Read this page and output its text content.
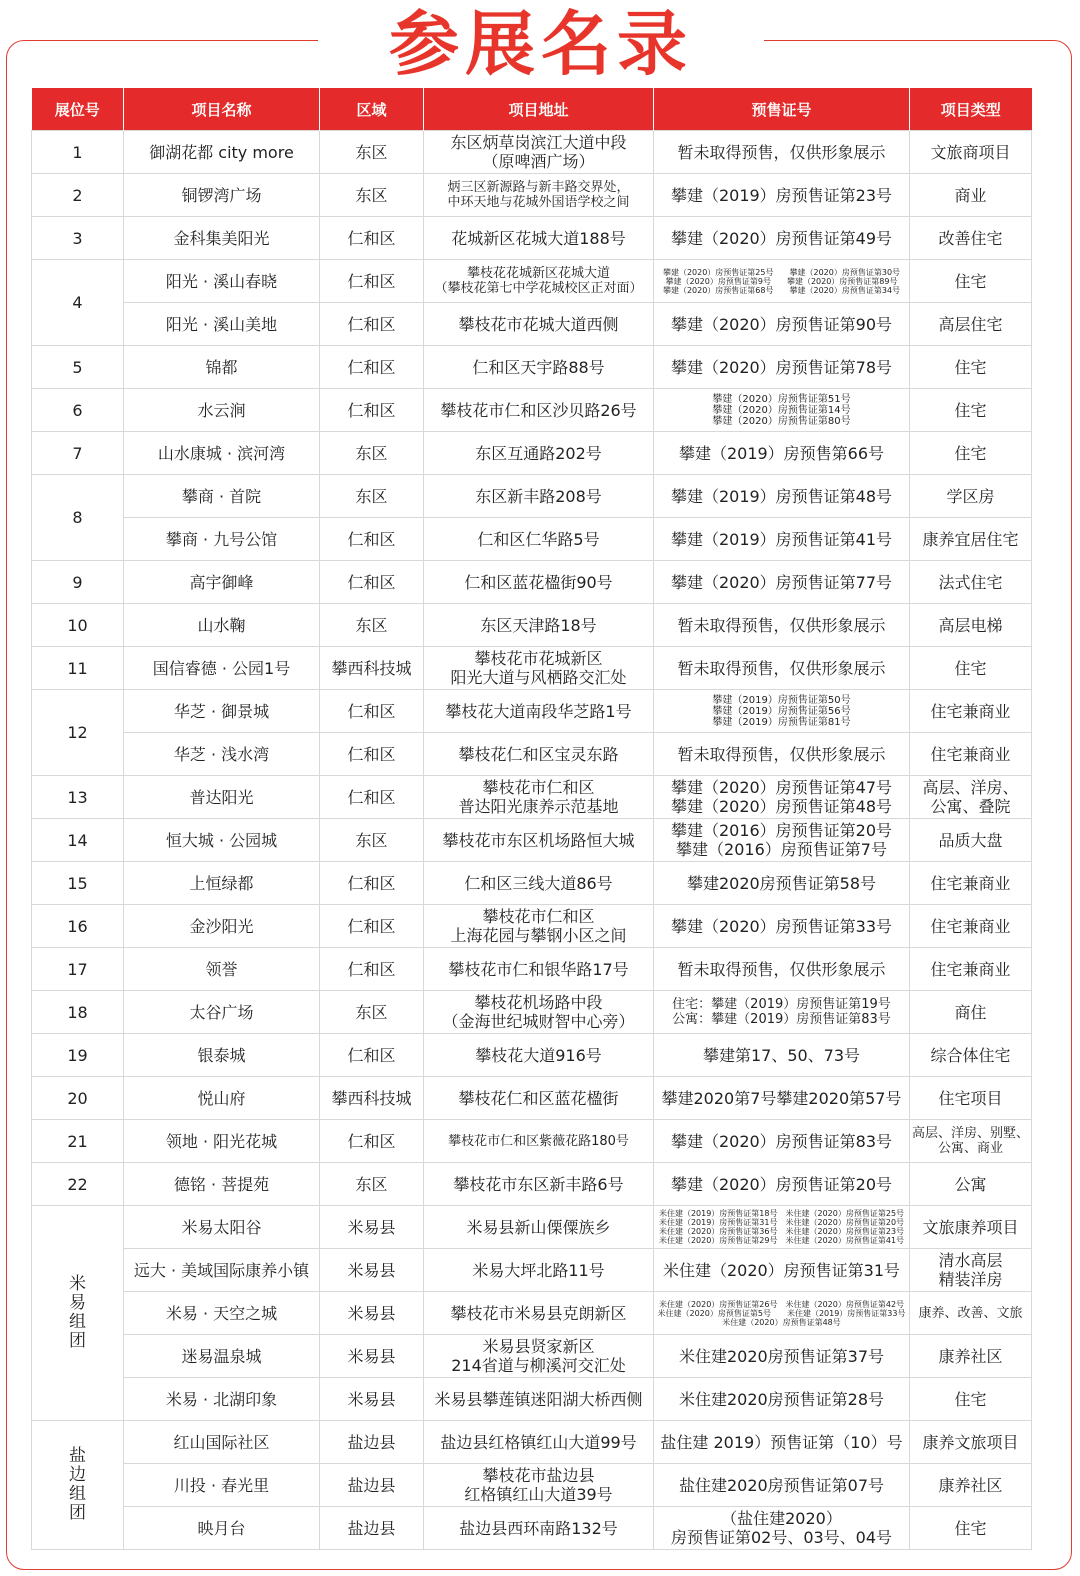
参展名录
展位号	项目名称	区域	项目地址	预售证号	项目类型
1	御湖花都 city more	东区	东区炳草岗滨江大道中段
（原啤酒广场）	暂未取得预售，仅供形象展示	文旅商项目

2	铜锣湾广场	东区	炳三区新源路与新丰路交界处，
中环天地与花城外国语学校之间	攀建（2019）房预售证第23号	商业

3	金科集美阳光	仁和区	花城新区花城大道188号	攀建（2020）房预售证第49号	改善住宅

4	阳光 · 溪山春晓	仁和区	攀枝花花城新区花城大道
（攀枝花第七中学花城校区正对面）	攀建（2020）房预售证第25号　　攀建（2020）房预售证第30号
攀建（2020）房预售证第9号　　攀建（2020）房预售证第89号
攀建（2020）房预售证第68号　　攀建（2020）房预售证第34号	住宅

	阳光 · 溪山美地	仁和区	攀枝花市花城大道西侧	攀建（2020）房预售证第90号	高层住宅

5	锦都	仁和区	仁和区天宇路88号	攀建（2020）房预售证第78号	住宅

6	水云涧	仁和区	攀枝花市仁和区沙贝路26号	攀建（2020）房预售证第51号
攀建（2020）房预售证第14号
攀建（2020）房预售证第80号	住宅

7	山水康城 · 滨河湾	东区	东区互通路202号	攀建（2019）房预售第66号	住宅

8	攀商 · 首院	东区	东区新丰路208号	攀建（2019）房预售证第48号	学区房

	攀商 · 九号公馆	仁和区	仁和区仁华路5号	攀建（2019）房预售证第41号	康养宜居住宅

9	高宇御峰	仁和区	仁和区蓝花楹街90号	攀建（2020）房预售证第77号	法式住宅

10	山水鞠	东区	东区天津路18号	暂未取得预售，仅供形象展示	高层电梯

11	国信睿德 · 公园1号	攀西科技城	攀枝花市花城新区
阳光大道与风栖路交汇处	暂未取得预售，仅供形象展示	住宅

12	华芝 · 御景城	仁和区	攀枝花大道南段华芝路1号	攀建（2019）房预售证第50号
攀建（2019）房预售证第56号
攀建（2019）房预售证第81号	住宅兼商业

	华芝 · 浅水湾	仁和区	攀枝花仁和区宝灵东路	暂未取得预售，仅供形象展示	住宅兼商业

13	普达阳光	仁和区	攀枝花市仁和区
普达阳光康养示范基地	攀建（2020）房预售证第47号
攀建（2020）房预售证第48号	高层、洋房、
公寓、叠院

14	恒大城 · 公园城	东区	攀枝花市东区机场路恒大城	攀建（2016）房预售证第20号
攀建（2016）房预售证第7号	品质大盘

15	上恒绿都	仁和区	仁和区三线大道86号	攀建2020房预售证第58号	住宅兼商业

16	金沙阳光	仁和区	攀枝花市仁和区
上海花园与攀钢小区之间	攀建（2020）房预售证第33号	住宅兼商业

17	领誉	仁和区	攀枝花市仁和银华路17号	暂未取得预售，仅供形象展示	住宅兼商业

18	太谷广场	东区	攀枝花机场路中段
（金海世纪城财智中心旁）	住宅：攀建（2019）房预售证第19号
公寓：攀建（2019）房预售证第83号	商住

19	银泰城	仁和区	攀枝花大道916号	攀建第17、50、73号	综合体住宅

20	悦山府	攀西科技城	攀枝花仁和区蓝花楹街	攀建2020第7号攀建2020第57号	住宅项目

21	领地 · 阳光花城	仁和区	攀枝花市仁和区紫薇花路180号	攀建（2020）房预售证第83号	高层、洋房、别墅、
公寓、商业

22	德铭 · 菩提苑	东区	攀枝花市东区新丰路6号	攀建（2020）房预售证第20号	公寓

米
易
组
团	米易太阳谷	米易县	米易县新山傈僳族乡	米住建（2019）房预售证第18号　米住建（2020）房预售证第25号
米住建（2019）房预售证第31号　米住建（2020）房预售证第20号
米住建（2020）房预售证第36号　米住建（2020）房预售证第23号
米住建（2020）房预售证第29号　米住建（2020）房预售证第41号	文旅康养项目

	远大 · 美域国际康养小镇	米易县	米易大坪北路11号	米住建（2020）房预售证第31号	清水高层
精装洋房

	米易 · 天空之城	米易县	攀枝花市米易县克朗新区	米住建（2020）房预售证第26号　米住建（2020）房预售证第42号
米住建（2020）房预售证第5号　　米住建（2019）房预售证第33号
米住建（2020）房预售证第48号	康养、改善、文旅

	迷易温泉城	米易县	米易县贤家新区
214省道与柳溪河交汇处	米住建2020房预售证第37号	康养社区

	米易 · 北湖印象	米易县	米易县攀莲镇迷阳湖大桥西侧	米住建2020房预售证第28号	住宅

盐
边
组
团	红山国际社区	盐边县	盐边县红格镇红山大道99号	盐住建 2019）预售证第（10）号	康养文旅项目

	川投 · 春光里	盐边县	攀枝花市盐边县
红格镇红山大道39号	盐住建2020房预售证第07号	康养社区

	映月台	盐边县	盐边县西环南路132号	（盐住建2020）
房预售证第02号、03号、04号	住宅
